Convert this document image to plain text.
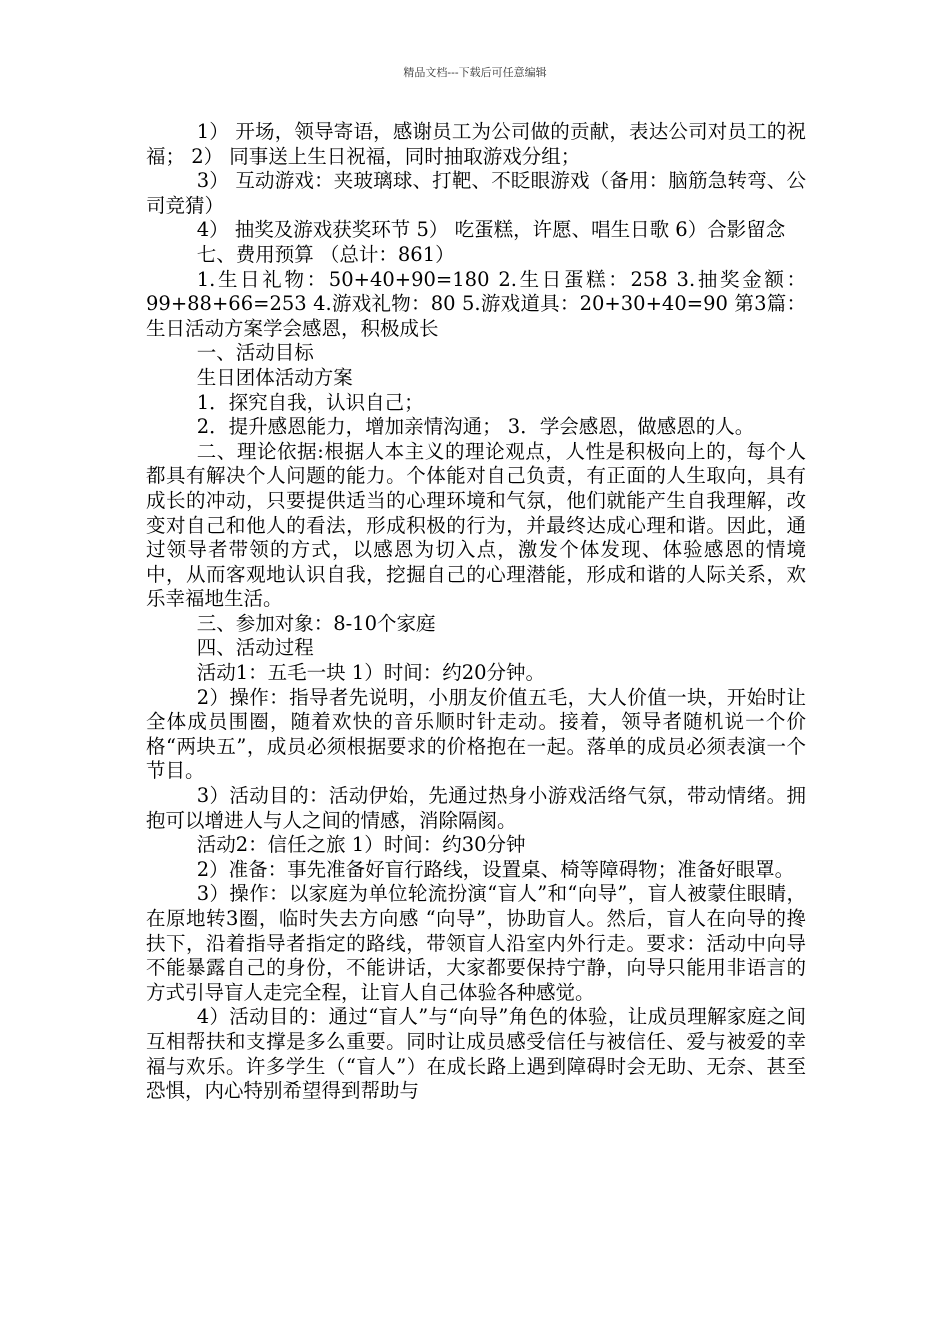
精品文档---下载后可任意编辑

1） 开场，领导寄语，感谢员工为公司做的贡献，表达公司对员工的祝福； 2） 同事送上生日祝福，同时抽取游戏分组；

3） 互动游戏：夹玻璃球、打靶、不眨眼游戏（备用：脑筋急转弯、公司竞猜）

4） 抽奖及游戏获奖环节 5） 吃蛋糕，许愿、唱生日歌 6）合影留念

七、费用预算 （总计：861）

1.生日礼物：50+40+90=180 2.生日蛋糕：258 3.抽奖金额：99+88+66=253 4.游戏礼物：80 5.游戏道具：20+30+40=90 第3篇：生日活动方案学会感恩，积极成长

一、活动目标

生日团体活动方案

1．探究自我，认识自己；

2．提升感恩能力，增加亲情沟通； 3．学会感恩，做感恩的人。

二、理论依据:根据人本主义的理论观点，人性是积极向上的，每个人都具有解决个人问题的能力。个体能对自己负责，有正面的人生取向，具有成长的冲动，只要提供适当的心理环境和气氛，他们就能产生自我理解，改变对自己和他人的看法，形成积极的行为，并最终达成心理和谐。因此，通过领导者带领的方式，以感恩为切入点，激发个体发现、体验感恩的情境中，从而客观地认识自我，挖掘自己的心理潜能，形成和谐的人际关系，欢乐幸福地生活。

三、参加对象：8-10个家庭

四、活动过程

活动1：五毛一块 1）时间：约20分钟。

2）操作：指导者先说明，小朋友价值五毛，大人价值一块，开始时让全体成员围圈，随着欢快的音乐顺时针走动。接着，领导者随机说一个价格“两块五”，成员必须根据要求的价格抱在一起。落单的成员必须表演一个节目。

3）活动目的：活动伊始，先通过热身小游戏活络气氛，带动情绪。拥抱可以增进人与人之间的情感，消除隔阂。

活动2：信任之旅 1）时间：约30分钟

2）准备：事先准备好盲行路线，设置桌、椅等障碍物；准备好眼罩。

3）操作：以家庭为单位轮流扮演“盲人”和“向导”，盲人被蒙住眼睛，在原地转3圈，临时失去方向感 “向导”，协助盲人。然后，盲人在向导的搀扶下，沿着指导者指定的路线，带领盲人沿室内外行走。要求：活动中向导不能暴露自己的身份，不能讲话，大家都要保持宁静，向导只能用非语言的方式引导盲人走完全程，让盲人自己体验各种感觉。

4）活动目的：通过“盲人”与“向导”角色的体验，让成员理解家庭之间互相帮扶和支撑是多么重要。同时让成员感受信任与被信任、爱与被爱的幸福与欢乐。许多学生（“盲人”）在成长路上遇到障碍时会无助、无奈、甚至恐惧，内心特别希望得到帮助与
